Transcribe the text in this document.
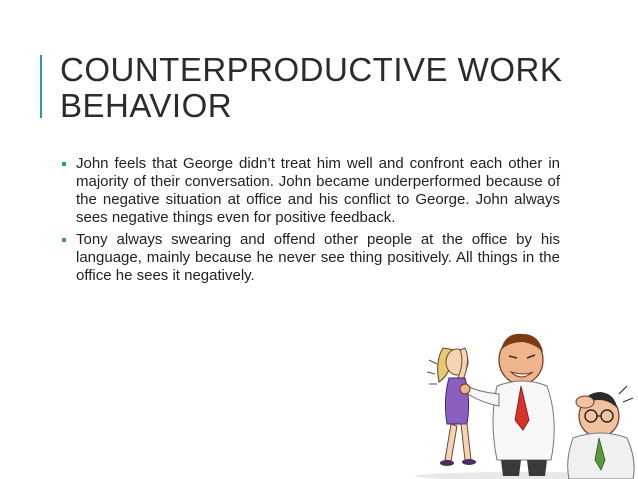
COUNTERPRODUCTIVE WORK
BEHAVIOR
John feels that George didn’t treat him well and confront each other in majority of their conversation. John became underperformed because of the negative situation at office and his conflict to George. John always sees negative things even for positive feedback.
Tony always swearing and offend other people at the office by his language, mainly because he never see thing positively. All things in the office he sees it negatively.
